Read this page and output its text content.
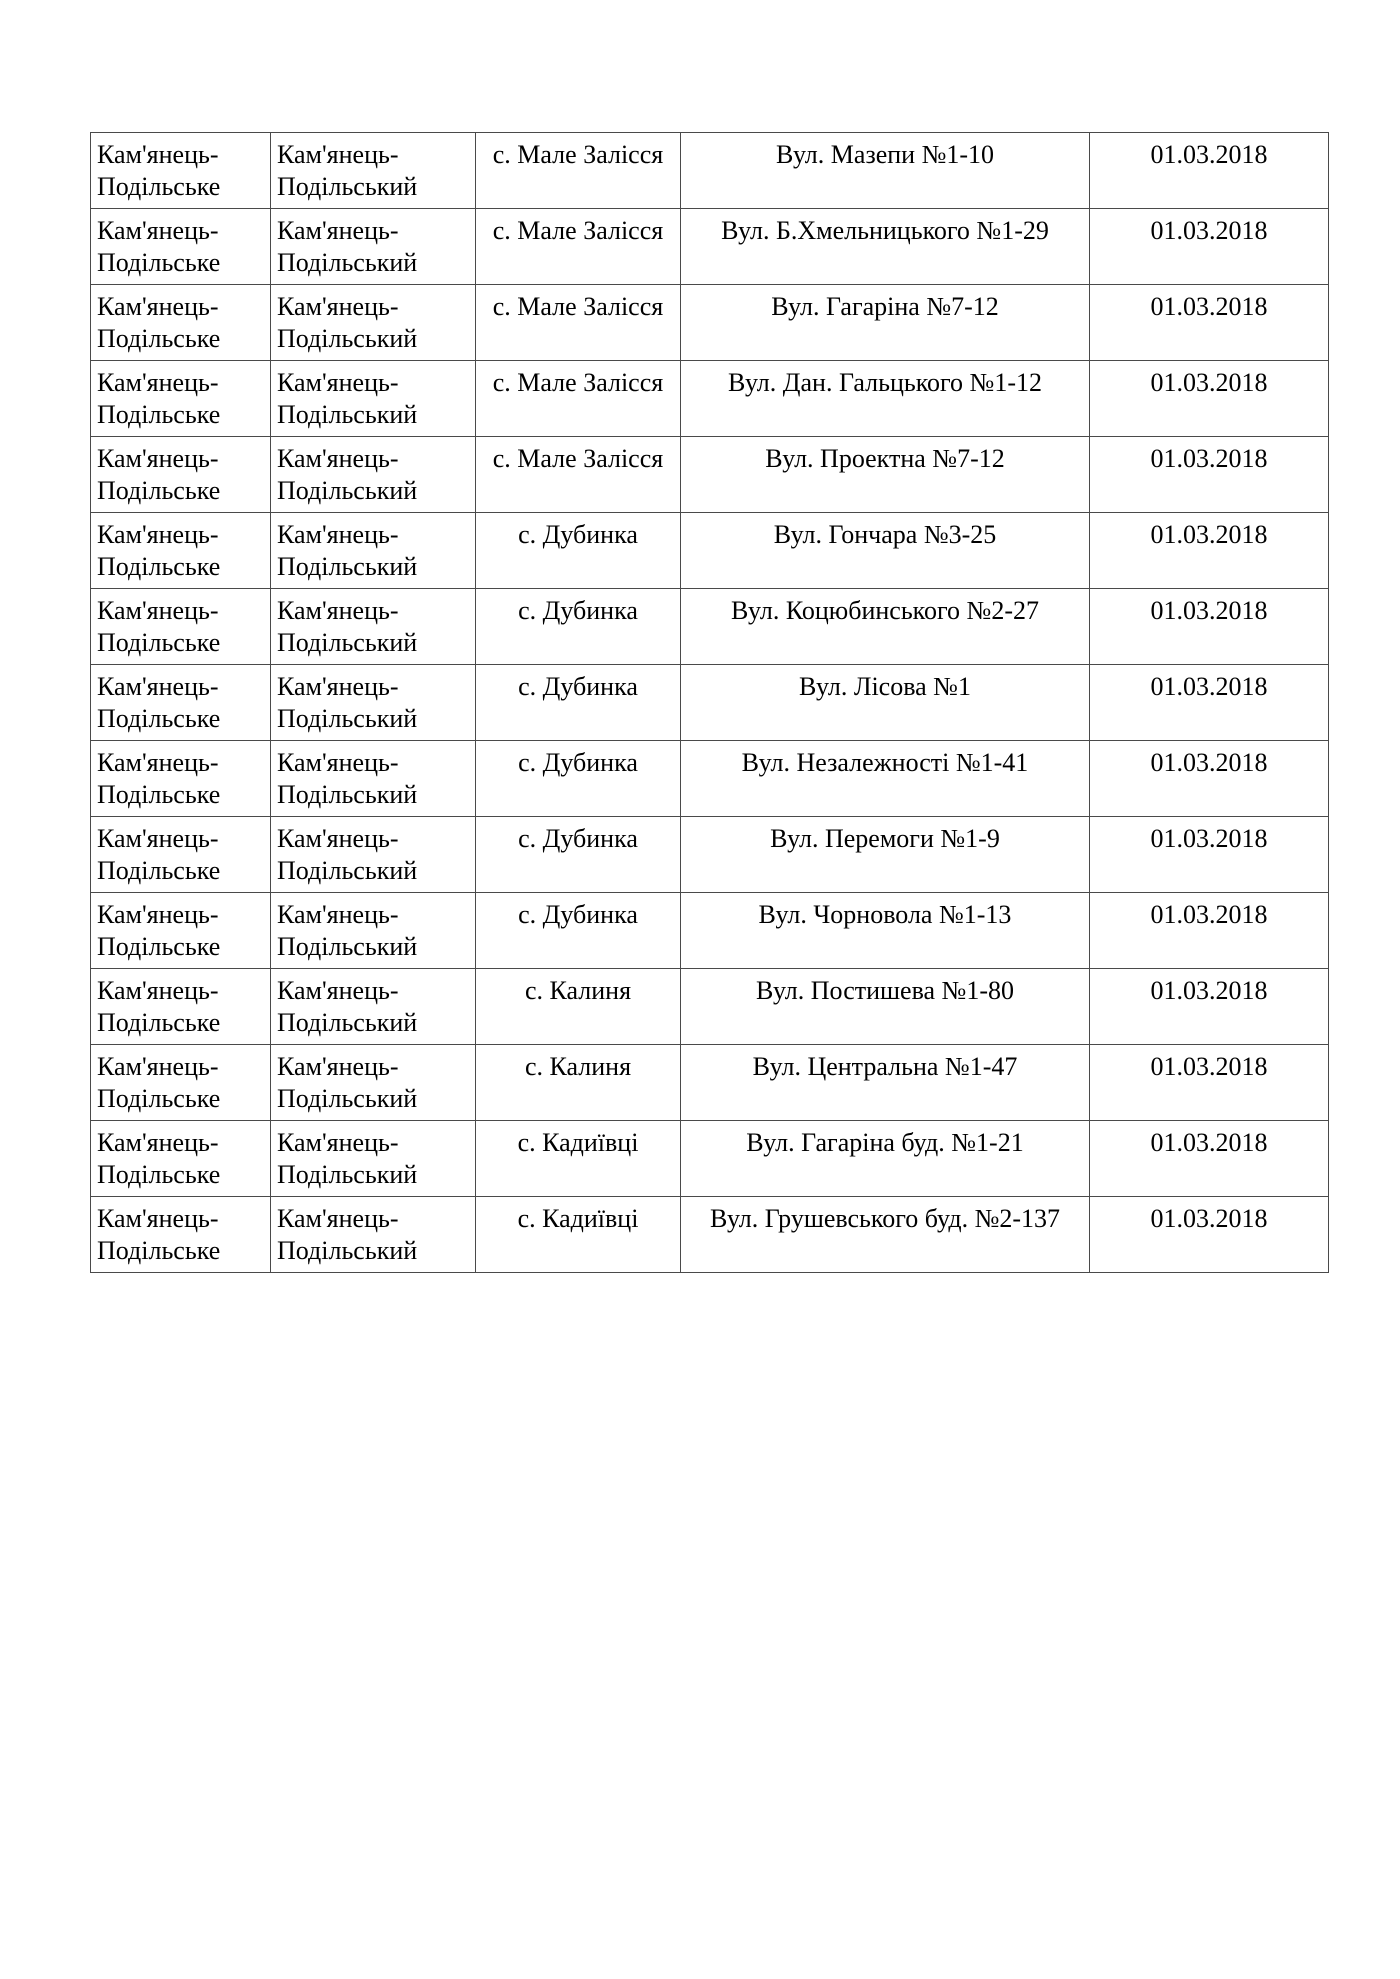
Кам'янець-
Подільське	Кам'янець-
Подільський	с. Мале Залісся	Вул. Мазепи №1-10	01.03.2018

Кам'янець-
Подільське	Кам'янець-
Подільський	с. Мале Залісся	Вул. Б.Хмельницького №1-29	01.03.2018

Кам'янець-
Подільське	Кам'янець-
Подільський	с. Мале Залісся	Вул. Гагаріна №7-12	01.03.2018

Кам'янець-
Подільське	Кам'янець-
Подільський	с. Мале Залісся	Вул. Дан. Гальцького №1-12	01.03.2018

Кам'янець-
Подільське	Кам'янець-
Подільський	с. Мале Залісся	Вул. Проектна №7-12	01.03.2018

Кам'янець-
Подільське	Кам'янець-
Подільський	с. Дубинка	Вул. Гончара №3-25	01.03.2018

Кам'янець-
Подільське	Кам'янець-
Подільський	с. Дубинка	Вул. Коцюбинського №2-27	01.03.2018

Кам'янець-
Подільське	Кам'янець-
Подільський	с. Дубинка	Вул. Лісова №1	01.03.2018

Кам'янець-
Подільське	Кам'янець-
Подільський	с. Дубинка	Вул. Незалежності №1-41	01.03.2018

Кам'янець-
Подільське	Кам'янець-
Подільський	с. Дубинка	Вул. Перемоги №1-9	01.03.2018

Кам'янець-
Подільське	Кам'янець-
Подільський	с. Дубинка	Вул. Чорновола №1-13	01.03.2018

Кам'янець-
Подільське	Кам'янець-
Подільський	с. Калиня	Вул. Постишева №1-80	01.03.2018

Кам'янець-
Подільське	Кам'янець-
Подільський	с. Калиня	Вул. Центральна №1-47	01.03.2018

Кам'янець-
Подільське	Кам'янець-
Подільський	с. Кадиївці	Вул. Гагаріна буд. №1-21	01.03.2018

Кам'янець-
Подільське	Кам'янець-
Подільський	с. Кадиївці	Вул. Грушевського буд. №2-137	01.03.2018
